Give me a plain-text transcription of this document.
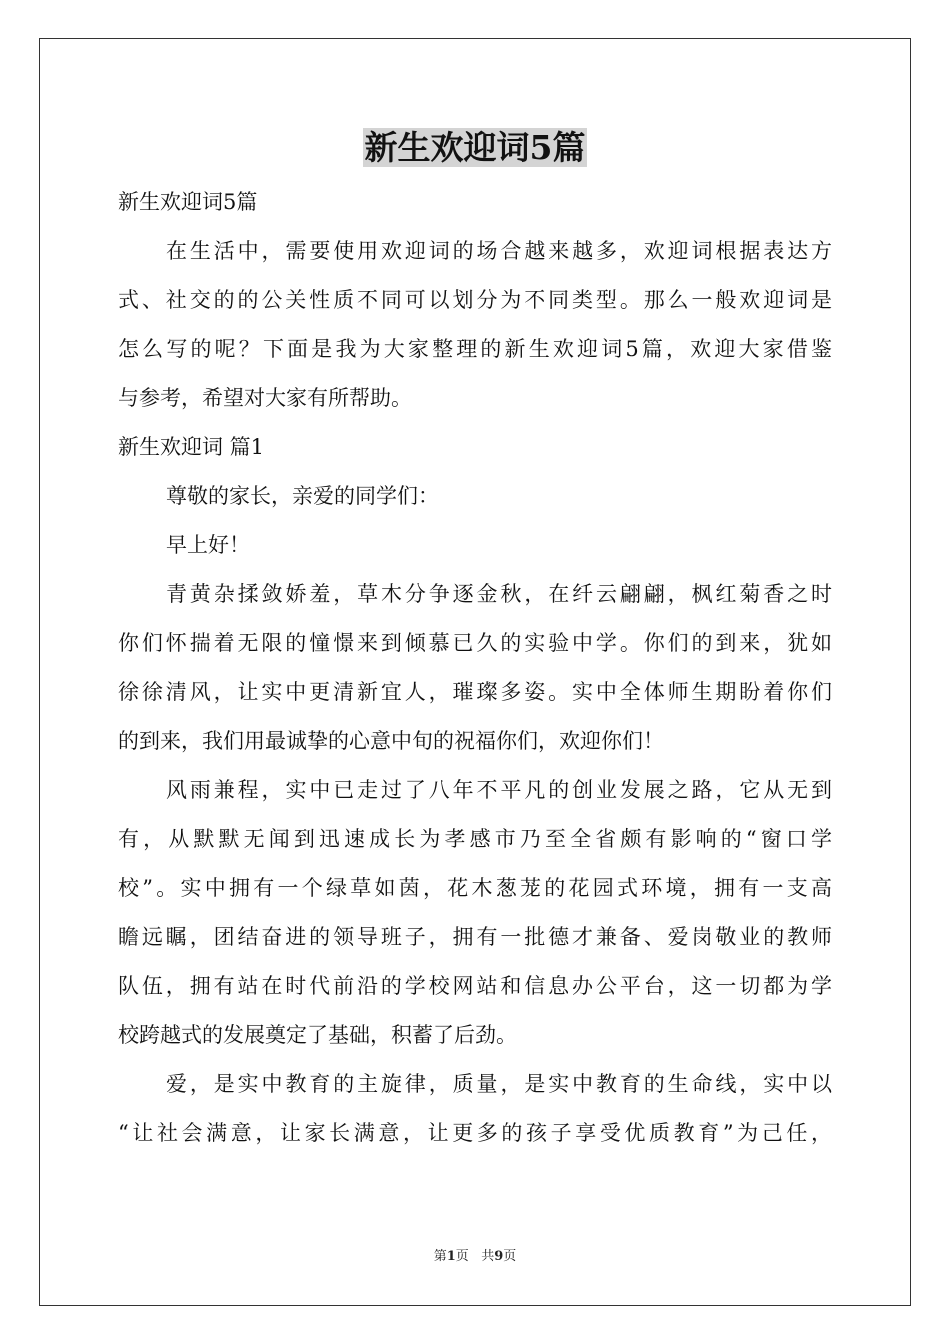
新生欢迎词5篇

新生欢迎词5篇

在生活中，需要使用欢迎词的场合越来越多，欢迎词根据表达方

式、社交的的公关性质不同可以划分为不同类型。那么一般欢迎词是

怎么写的呢？下面是我为大家整理的新生欢迎词5篇，欢迎大家借鉴

与参考，希望对大家有所帮助。

新生欢迎词 篇1

尊敬的家长，亲爱的同学们：

早上好！

青黄杂揉敛娇羞，草木分争逐金秋，在纤云翩翩，枫红菊香之时

你们怀揣着无限的憧憬来到倾慕已久的实验中学。你们的到来，犹如

徐徐清风，让实中更清新宜人，璀璨多姿。实中全体师生期盼着你们

的到来，我们用最诚挚的心意中旬的祝福你们，欢迎你们！

风雨兼程，实中已走过了八年不平凡的创业发展之路，它从无到

有，从默默无闻到迅速成长为孝感市乃至全省颇有影响的“窗口学

校”。实中拥有一个绿草如茵，花木葱茏的花园式环境，拥有一支高

瞻远瞩，团结奋进的领导班子，拥有一批德才兼备、爱岗敬业的教师

队伍，拥有站在时代前沿的学校网站和信息办公平台，这一切都为学

校跨越式的发展奠定了基础，积蓄了后劲。

爱，是实中教育的主旋律，质量，是实中教育的生命线，实中以

“让社会满意，让家长满意，让更多的孩子享受优质教育”为己任，

第1页 共9页
